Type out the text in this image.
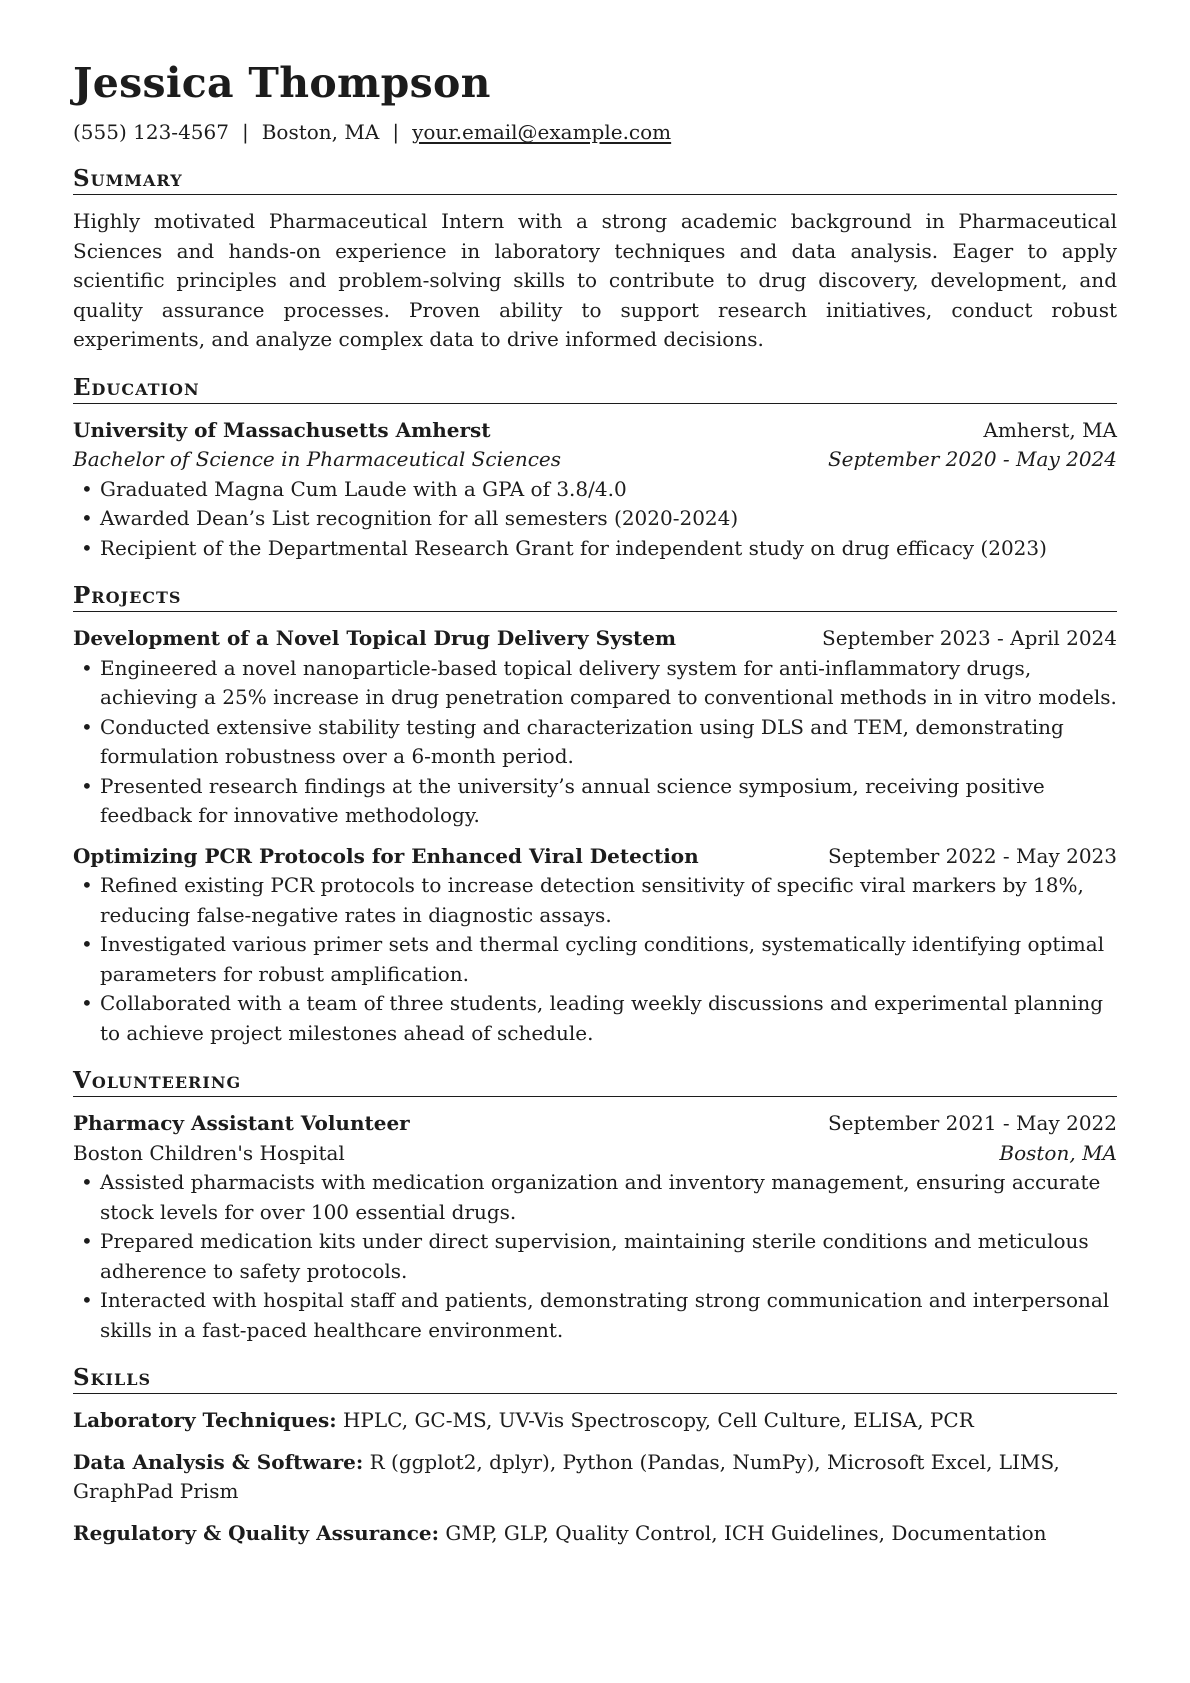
Jessica Thompson
(555) 123-4567 | Boston, MA | your.email@example.com
Summary

Highly motivated Pharmaceutical Intern with a strong academic background in Pharmaceutical Sciences and hands-on experience in laboratory techniques and data analysis. Eager to apply scientific principles and problem-solving skills to contribute to drug discovery, development, and quality assurance processes. Proven ability to support research initiatives, conduct robust experiments, and analyze complex data to drive informed decisions.

Education
University of Massachusetts Amherst	Amherst, MA
Bachelor of Science in Pharmaceutical Sciences	September 2020 - May 2024
• Graduated Magna Cum Laude with a GPA of 3.8/4.0
• Awarded Dean’s List recognition for all semesters (2020-2024)
• Recipient of the Departmental Research Grant for independent study on drug efficacy (2023)
Projects
Development of a Novel Topical Drug Delivery System	September 2023 - April 2024
• Engineered a novel nanoparticle-based topical delivery system for anti-inflammatory drugs, achieving a 25% increase in drug penetration compared to conventional methods in in vitro models.
• Conducted extensive stability testing and characterization using DLS and TEM, demonstrating formulation robustness over a 6-month period.
• Presented research findings at the university’s annual science symposium, receiving positive feedback for innovative methodology.
Optimizing PCR Protocols for Enhanced Viral Detection	September 2022 - May 2023
• Refined existing PCR protocols to increase detection sensitivity of specific viral markers by 18%, reducing false-negative rates in diagnostic assays.
• Investigated various primer sets and thermal cycling conditions, systematically identifying optimal parameters for robust amplification.
• Collaborated with a team of three students, leading weekly discussions and experimental planning to achieve project milestones ahead of schedule.
Volunteering
Pharmacy Assistant Volunteer	September 2021 - May 2022
Boston Children's Hospital	Boston, MA
• Assisted pharmacists with medication organization and inventory management, ensuring accurate stock levels for over 100 essential drugs.
• Prepared medication kits under direct supervision, maintaining sterile conditions and meticulous adherence to safety protocols.
• Interacted with hospital staff and patients, demonstrating strong communication and interpersonal skills in a fast-paced healthcare environment.
Skills
Laboratory Techniques: HPLC, GC-MS, UV-Vis Spectroscopy, Cell Culture, ELISA, PCR
Data Analysis & Software: R (ggplot2, dplyr), Python (Pandas, NumPy), Microsoft Excel, LIMS, GraphPad Prism
Regulatory & Quality Assurance: GMP, GLP, Quality Control, ICH Guidelines, Documentation
